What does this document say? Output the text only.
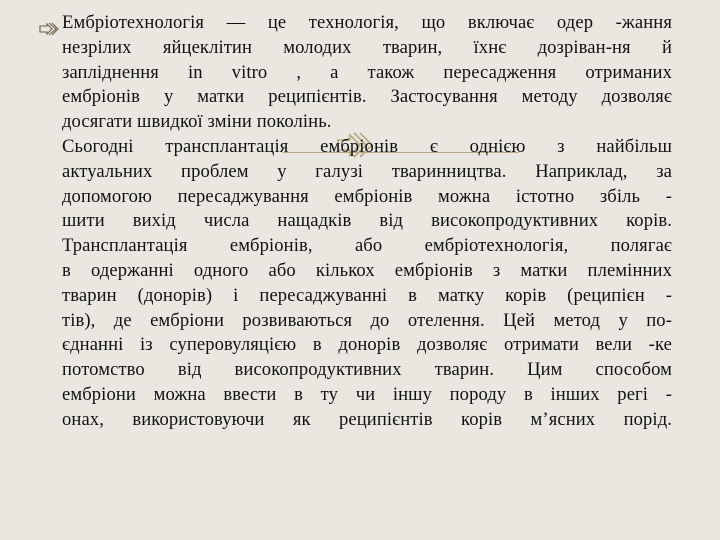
Ембріотехнологія — це технологія, що включає одер -жання
незрілих яйцеклітин молодих тварин, їхнє дозріван-ня й
запліднення in vitro , а також пересадження отриманих
ембріонів у матки реципієнтів. Застосування методу дозволяє
досягати швидкої зміни поколінь.
Сьогодні трансплантація ембріонів є однією з найбільш
актуальних проблем у галузі тваринництва. Наприклад, за
допомогою пересаджування ембріонів можна істотно збіль -
шити вихід числа нащадків від високопродуктивних корів.
Трансплантація ембріонів, або ембріотехнологія, полягає
в одержанні одного або кількох ембріонів з матки племінних
тварин (донорів) і пересаджуванні в матку корів (реципієн -
тів), де ембріони розвиваються до отелення. Цей метод у по-
єднанні із суперовуляцією в донорів дозволяє отримати вели -ке
потомство від високопродуктивних тварин. Цим способом
ембріони можна ввести в ту чи іншу породу в інших регі -
онах, використовуючи як реципієнтів корів м’ясних порід.
